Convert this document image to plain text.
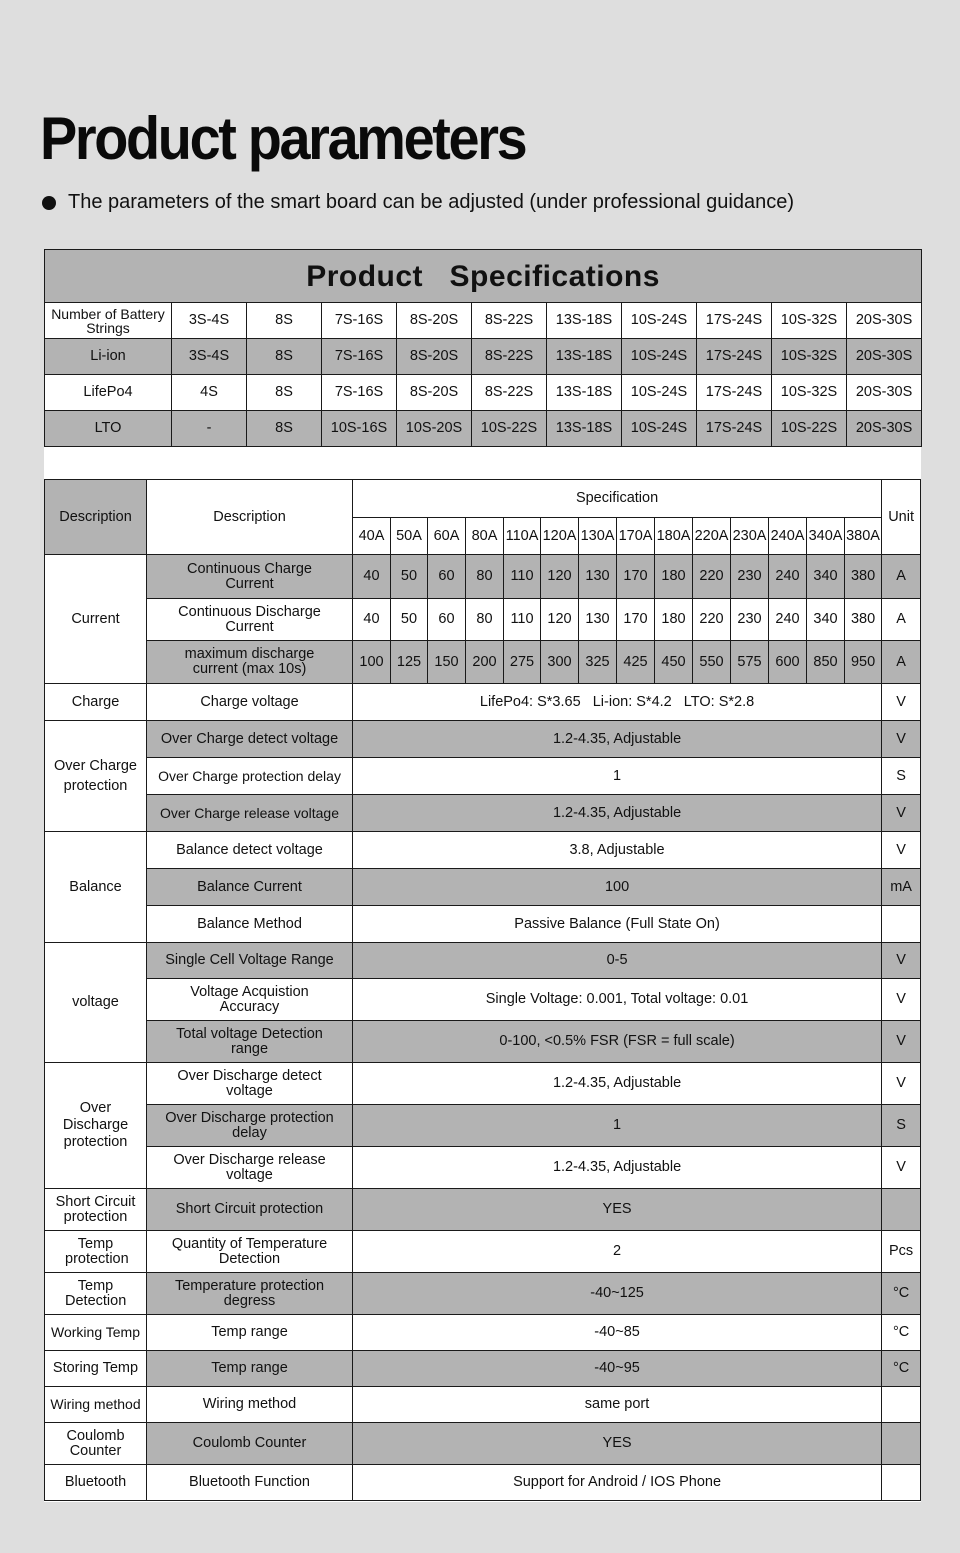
Product parameters
The parameters of the smart board can be adjusted (under professional guidance)
Product   Specifications										
Number of Battery Strings	3S-4S	8S	7S-16S	8S-20S	8S-22S	13S-18S	10S-24S	17S-24S	10S-32S	20S-30S
Li-ion	3S-4S	8S	7S-16S	8S-20S	8S-22S	13S-18S	10S-24S	17S-24S	10S-32S	20S-30S
LifePo4	4S	8S	7S-16S	8S-20S	8S-22S	13S-18S	10S-24S	17S-24S	10S-32S	20S-30S
LTO	-	8S	10S-16S	10S-20S	10S-22S	13S-18S	10S-24S	17S-24S	10S-22S	20S-30S
Description	Description	Specification														Unit
		40A	50A	60A	80A	110A	120A	130A	170A	180A	220A	230A	240A	340A	380A	
Current	Continuous Charge Current	40	50	60	80	110	120	130	170	180	220	230	240	340	380	A
	Continuous Discharge Current	40	50	60	80	110	120	130	170	180	220	230	240	340	380	A
	maximum discharge current (max 10s)	100	125	150	200	275	300	325	425	450	550	575	600	850	950	A
Charge	Charge voltage	LifePo4: S*3.65   Li-ion: S*4.2   LTO: S*2.8														V
Over Charge protection	Over Charge detect voltage	1.2-4.35, Adjustable														V
	Over Charge protection delay	1														S
	Over Charge release voltage	1.2-4.35, Adjustable														V
Balance	Balance detect voltage	3.8, Adjustable														V
	Balance Current	100														mA
	Balance Method	Passive Balance (Full State On)														
voltage	Single Cell Voltage Range	0-5														V
	Voltage Acquistion Accuracy	Single Voltage: 0.001, Total voltage: 0.01														V
	Total voltage Detection range	0-100, <0.5% FSR (FSR = full scale)														V
Over Discharge protection	Over Discharge detect voltage	1.2-4.35, Adjustable														V
	Over Discharge protection delay	1														S
	Over Discharge release voltage	1.2-4.35, Adjustable														V
Short Circuit protection	Short Circuit protection	YES														
Temp protection	Quantity of Temperature Detection	2														Pcs
Temp Detection	Temperature protection degress	-40~125														°C
Working Temp	Temp range	-40~85														°C
Storing Temp	Temp range	-40~95														°C
Wiring method	Wiring method	same port														
Coulomb Counter	Coulomb Counter	YES														
Bluetooth	Bluetooth Function	Support for Android / IOS Phone														
